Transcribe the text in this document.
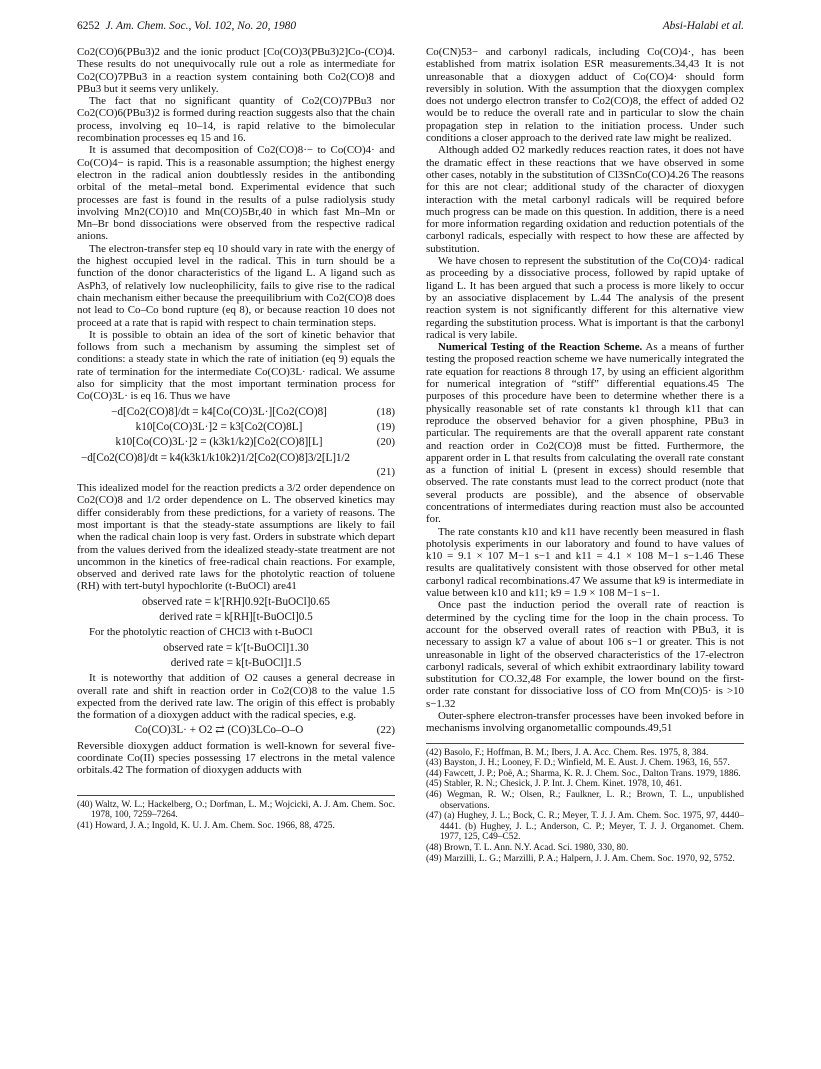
6252 J. Am. Chem. Soc., Vol. 102, No. 20, 1980	Absi-Halabi et al.

Co2(CO)6(PBu3)2 and the ionic product [Co(CO)3(PBu3)2]Co-(CO)4. These results do not unequivocally rule out a role as intermediate for Co2(CO)7PBu3 in a reaction system containing both Co2(CO)8 and PBu3 but it seems very unlikely.

The fact that no significant quantity of Co2(CO)7PBu3 nor Co2(CO)6(PBu3)2 is formed during reaction suggests also that the chain process, involving eq 10–14, is rapid relative to the bimolecular recombination processes eq 15 and 16.

It is assumed that decomposition of Co2(CO)8·− to Co(CO)4· and Co(CO)4− is rapid. This is a reasonable assumption; the highest energy electron in the radical anion doubtlessly resides in the antibonding orbital of the metal–metal bond. Experimental evidence that such processes are fast is found in the results of a pulse radiolysis study involving Mn2(CO)10 and Mn(CO)5Br,40 in which fast Mn–Mn or Mn–Br bond dissociations were observed from the respective radical anions.

The electron-transfer step eq 10 should vary in rate with the energy of the highest occupied level in the radical. This in turn should be a function of the donor characteristics of the ligand L. A ligand such as AsPh3, of relatively low nucleophilicity, fails to give rise to the radical chain mechanism either because the preequilibrium with Co2(CO)8 does not lead to Co–Co bond rupture (eq 8), or because reaction 10 does not proceed at a rate that is rapid with respect to chain termination steps.

It is possible to obtain an idea of the sort of kinetic behavior that follows from such a mechanism by assuming the simplest set of conditions: a steady state in which the rate of initiation (eq 9) equals the rate of termination for the intermediate Co(CO)3L· radical. We assume also for simplicity that the most important termination process for Co(CO)3L· is eq 16. Thus we have

−d[Co2(CO)8]/dt = k4[Co(CO)3L·][Co2(CO)8]	(18)
k10[Co(CO)3L·]2 = k3[Co2(CO)8L]	(19)
k10[Co(CO)3L·]2 = (k3k1/k2)[Co2(CO)8][L]	(20)
−d[Co2(CO)8]/dt = k4(k3k1/k10k2)1/2[Co2(CO)8]3/2[L]1/2
(21)

This idealized model for the reaction predicts a 3/2 order dependence on Co2(CO)8 and 1/2 order dependence on L. The observed kinetics may differ considerably from these predictions, for a variety of reasons. The most important is that the steady-state assumptions are likely to fail when the radical chain loop is very fast. Orders in substrate which depart from the values derived from the idealized steady-state treatment are not uncommon in the kinetics of free-radical chain reactions. For example, observed and derived rate laws for the photolytic reaction of toluene (RH) with tert-butyl hypochlorite (t-BuOCl) are41

observed rate = k′[RH]0.92[t-BuOCl]0.65
derived rate = k[RH][t-BuOCl]0.5

For the photolytic reaction of CHCl3 with t-BuOCl

observed rate = k′[t-BuOCl]1.30
derived rate = k[t-BuOCl]1.5

It is noteworthy that addition of O2 causes a general decrease in overall rate and shift in reaction order in Co2(CO)8 to the value 1.5 expected from the derived rate law. The origin of this effect is probably the formation of a dioxygen adduct with the radical species, e.g.

Co(CO)3L· + O2 ⇄ (CO)3LCo–O–O	(22)

Reversible dioxygen adduct formation is well-known for several five-coordinate Co(II) species possessing 17 electrons in the metal valence orbitals.42 The formation of dioxygen adducts with

(40) Waltz, W. L.; Hackelberg, O.; Dorfman, L. M.; Wojcicki, A. J. Am. Chem. Soc. 1978, 100, 7259–7264.
(41) Howard, J. A.; Ingold, K. U. J. Am. Chem. Soc. 1966, 88, 4725.

Co(CN)53− and carbonyl radicals, including Co(CO)4·, has been established from matrix isolation ESR measurements.34,43 It is not unreasonable that a dioxygen adduct of Co(CO)4· should form reversibly in solution. With the assumption that the dioxygen complex does not undergo electron transfer to Co2(CO)8, the effect of added O2 would be to reduce the overall rate and in particular to slow the chain propagation step in relation to the initiation process. Under such conditions a closer approach to the derived rate law might be realized.

Although added O2 markedly reduces reaction rates, it does not have the dramatic effect in these reactions that we have observed in some other cases, notably in the substitution of Cl3SnCo(CO)4.26 The reasons for this are not clear; additional study of the character of dioxygen interaction with the metal carbonyl radicals will be required before much progress can be made on this question. In addition, there is a need for more information regarding oxidation and reduction potentials of the carbonyl radicals, especially with respect to how these are affected by substitution.

We have chosen to represent the substitution of the Co(CO)4· radical as proceeding by a dissociative process, followed by rapid uptake of ligand L. It has been argued that such a process is more likely to occur by an associative displacement by L.44 The analysis of the present reaction system is not significantly different for this alternative view regarding the substitution process. What is important is that the carbonyl radical is very labile.

Numerical Testing of the Reaction Scheme. As a means of further testing the proposed reaction scheme we have numerically integrated the rate equation for reactions 8 through 17, by using an efficient algorithm for numerical integration of “stiff” differential equations.45 The purposes of this procedure have been to determine whether there is a physically reasonable set of rate constants k1 through k11 that can reproduce the observed behavior for a given phosphine, PBu3 in particular. The requirements are that the overall apparent rate constant and reaction order in Co2(CO)8 must be fitted. Furthermore, the apparent order in L that results from calculating the overall rate constant as a function of initial L (present in excess) should resemble that observed. The rate constants must lead to the correct product (note that several products are possible), and the absence of observable concentrations of intermediates during reaction must also be accounted for.

The rate constants k10 and k11 have recently been measured in flash photolysis experiments in our laboratory and found to have values of k10 = 9.1 × 107 M−1 s−1 and k11 = 4.1 × 108 M−1 s−1.46 These results are qualitatively consistent with those observed for other metal carbonyl radical recombinations.47 We assume that k9 is intermediate in value between k10 and k11; k9 = 1.9 × 108 M−1 s−1.

Once past the induction period the overall rate of reaction is determined by the cycling time for the loop in the chain process. To account for the observed overall rates of reaction with PBu3, it is necessary to assign k7 a value of about 106 s−1 or greater. This is not unreasonable in light of the observed characteristics of the 17-electron carbonyl radicals, several of which exhibit extraordinary lability toward substitution for CO.32,48 For example, the lower bound on the first-order rate constant for dissociative loss of CO from Mn(CO)5· is >10 s−1.32

Outer-sphere electron-transfer processes have been invoked before in mechanisms involving organometallic compounds.49,51

(42) Basolo, F.; Hoffman, B. M.; Ibers, J. A. Acc. Chem. Res. 1975, 8, 384.
(43) Bayston, J. H.; Looney, F. D.; Winfield, M. E. Aust. J. Chem. 1963, 16, 557.
(44) Fawcett, J. P.; Poë, A.; Sharma, K. R. J. Chem. Soc., Dalton Trans. 1979, 1886.
(45) Stabler, R. N.; Chesick, J. P. Int. J. Chem. Kinet. 1978, 10, 461.
(46) Wegman, R. W.; Olsen, R.; Faulkner, L. R.; Brown, T. L., unpublished observations.
(47) (a) Hughey, J. L.; Bock, C. R.; Meyer, T. J. J. Am. Chem. Soc. 1975, 97, 4440–4441. (b) Hughey, J. L.; Anderson, C. P.; Meyer, T. J. J. Organomet. Chem. 1977, 125, C49–C52.
(48) Brown, T. L. Ann. N.Y. Acad. Sci. 1980, 330, 80.
(49) Marzilli, L. G.; Marzilli, P. A.; Halpern, J. J. Am. Chem. Soc. 1970, 92, 5752.
